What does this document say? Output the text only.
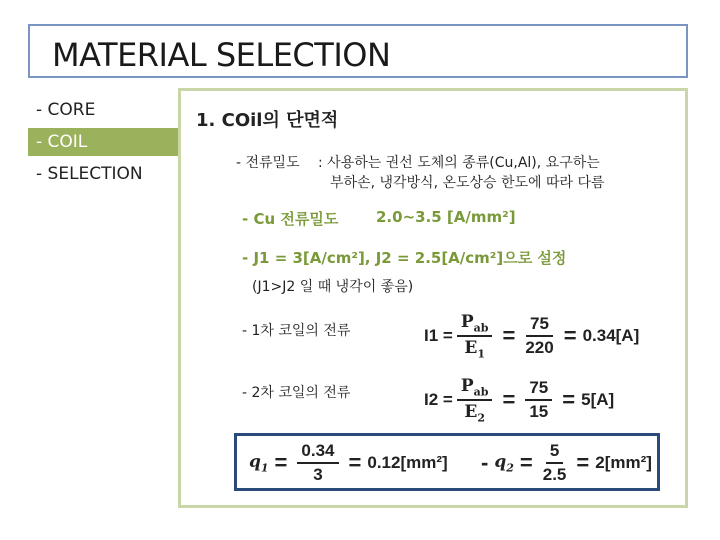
MATERIAL SELECTION
- CORE
- COIL
- SELECTION
1. COil의 단면적
- 전류밀도 : 사용하는 권선 도체의 종류(Cu,Al), 요구하는
부하손, 냉각방식, 온도상승 한도에 따라 다름
- Cu 전류밀도	2.0~3.5 [A/mm²]
- J1 = 3[A/cm²], J2 = 2.5[A/cm²]으로 설정
(J1>J2 일 때 냉각이 좋음)
- 1차 코일의 전류	$I1 = \frac{P_{ab}}{E_1} = \frac{75}{220} = 0.34[A]$
- 2차 코일의 전류	$I2 = \frac{P_{ab}}{E_2} = \frac{75}{15} = 5[A]$
$q_1 = \frac{0.34}{3} = 0.12[mm^2] - q_2 = \frac{5}{2.5} = 2[mm^2]$
